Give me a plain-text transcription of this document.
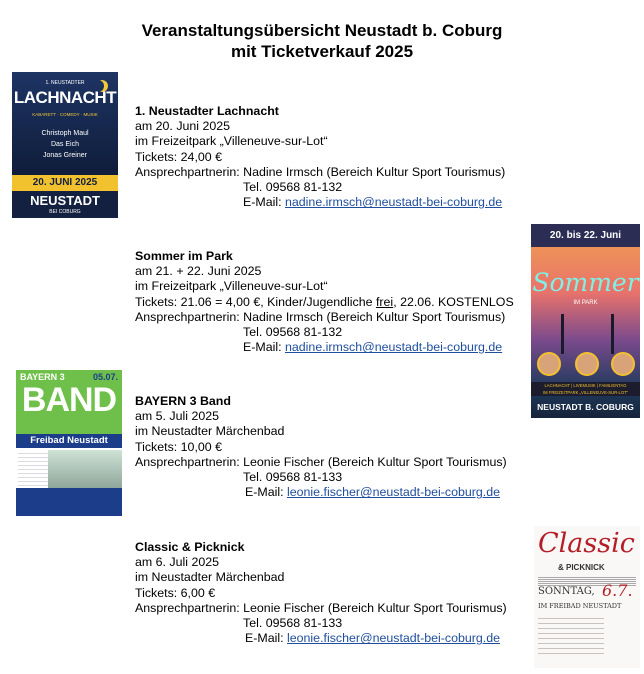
Veranstaltungsübersicht Neustadt b. Coburg
mit Ticketverkauf 2025
1. NEUSTADTER
LACHNACHT
KABARETT · COMEDY · MUSIK
Christoph Maul
Das Eich
Jonas Greiner
20. JUNI 2025
NEUSTADT
BEI COBURG
1. Neustadter Lachnacht
am 20. Juni 2025
im Freizeitpark „Villeneuve-sur-Lot“
Tickets: 24,00 €
Ansprechpartnerin: Nadine Irmsch (Bereich Kultur Sport Tourismus)
Tel. 09568 81-132
E-Mail: nadine.irmsch@neustadt-bei-coburg.de
20. bis 22. Juni
Sommer
IM PARK
LACHNACHT | LIVEMUSIK | FAMILIENTAG
IM FREIZEITPARK „VILLENEUVE-SUR-LOT“
NEUSTADT B. COBURG
Sommer im Park
am 21. + 22. Juni 2025
im Freizeitpark „Villeneuve-sur-Lot“
Tickets: 21.06 = 4,00 €, Kinder/Jugendliche frei, 22.06. KOSTENLOS
Ansprechpartnerin: Nadine Irmsch (Bereich Kultur Sport Tourismus)
Tel. 09568 81-132
E-Mail: nadine.irmsch@neustadt-bei-coburg.de
BAYERN 3	05.07.
BAND
Freibad Neustadt
BAYERN 3 Band
am 5. Juli 2025
im Neustadter Märchenbad
Tickets: 10,00 €
Ansprechpartnerin: Leonie Fischer (Bereich Kultur Sport Tourismus)
Tel. 09568 81-133
E-Mail: leonie.fischer@neustadt-bei-coburg.de
Classic
& PICKNICK
SONNTAG, 6.7.
IM FREIBAD NEUSTADT
Classic & Picknick
am 6. Juli 2025
im Neustadter Märchenbad
Tickets: 6,00 €
Ansprechpartnerin: Leonie Fischer (Bereich Kultur Sport Tourismus)
Tel. 09568 81-133
E-Mail: leonie.fischer@neustadt-bei-coburg.de
